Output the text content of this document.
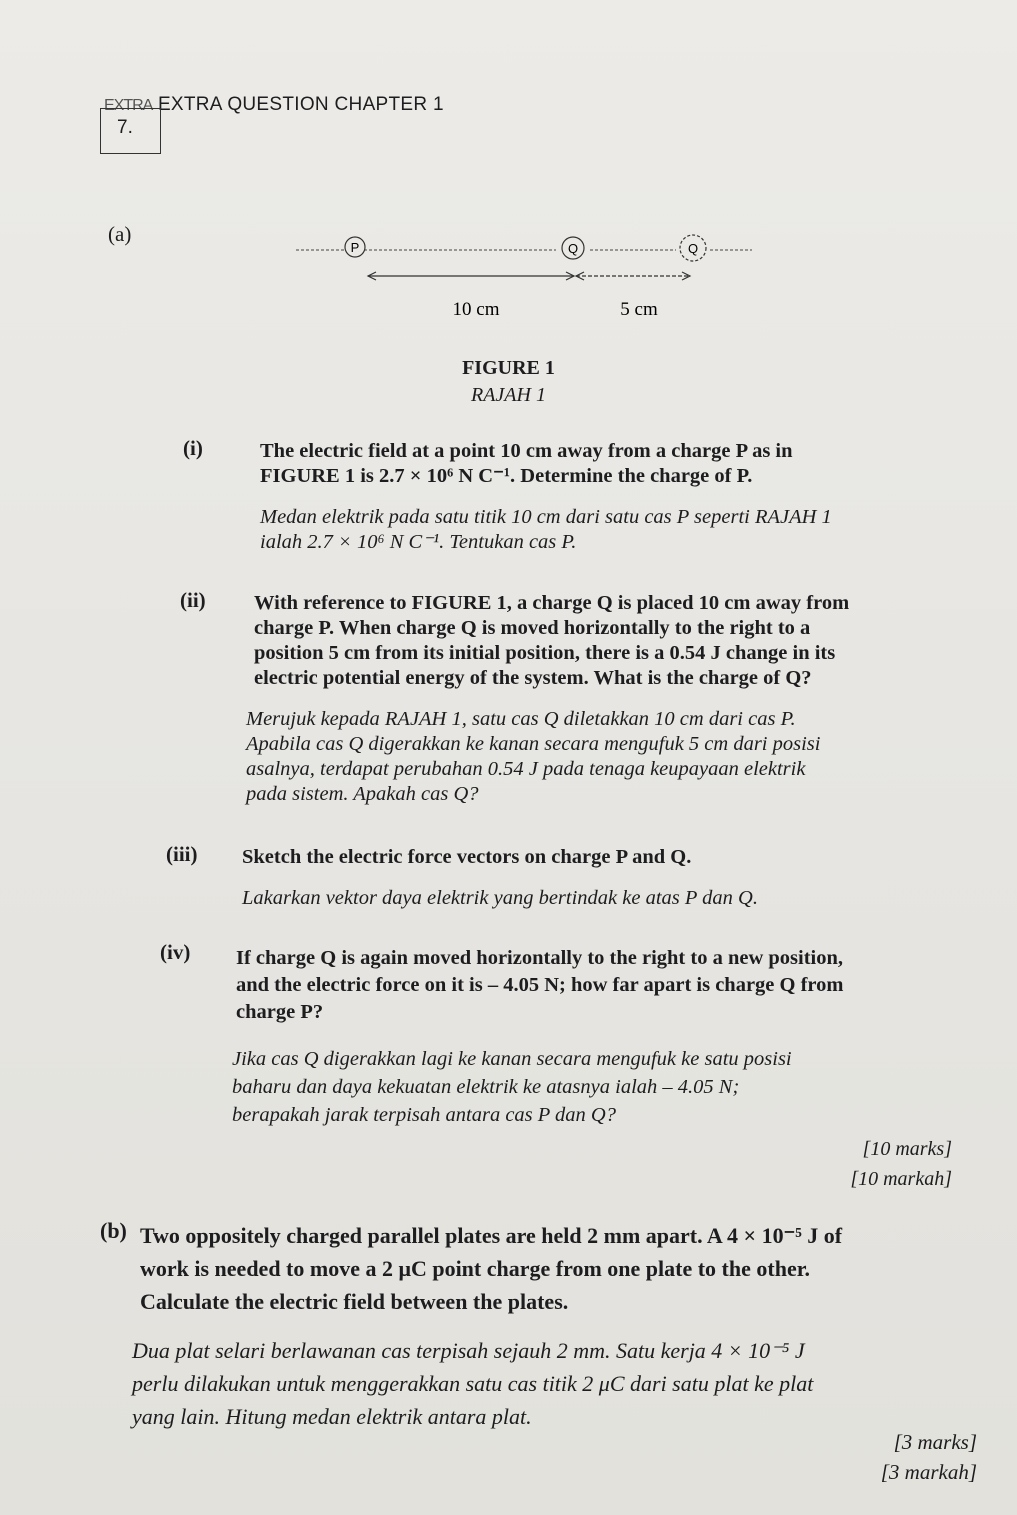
EXTRA EXTRA QUESTION CHAPTER 1
7.
(a)
P	Q	Q
10 cm	5 cm
FIGURE 1
RAJAH 1
(i)	The electric field at a point 10 cm away from a charge P as in
FIGURE 1 is 2.7 × 10⁶ N C⁻¹. Determine the charge of P.
Medan elektrik pada satu titik 10 cm dari satu cas P seperti RAJAH 1
ialah 2.7 × 10⁶ N C⁻¹. Tentukan cas P.
(ii) With reference to FIGURE 1, a charge Q is placed 10 cm away from
charge P. When charge Q is moved horizontally to the right to a
position 5 cm from its initial position, there is a 0.54 J change in its
electric potential energy of the system. What is the charge of Q?
Merujuk kepada RAJAH 1, satu cas Q diletakkan 10 cm dari cas P.
Apabila cas Q digerakkan ke kanan secara mengufuk 5 cm dari posisi
asalnya, terdapat perubahan 0.54 J pada tenaga keupayaan elektrik
pada sistem. Apakah cas Q?
(iii) Sketch the electric force vectors on charge P and Q.
Lakarkan vektor daya elektrik yang bertindak ke atas P dan Q.
(iv) If charge Q is again moved horizontally to the right to a new position,
and the electric force on it is – 4.05 N; how far apart is charge Q from
charge P?
Jika cas Q digerakkan lagi ke kanan secara mengufuk ke satu posisi
baharu dan daya kekuatan elektrik ke atasnya ialah – 4.05 N;
berapakah jarak terpisah antara cas P dan Q?
[10 marks]
[10 markah]
(b) Two oppositely charged parallel plates are held 2 mm apart. A 4 × 10⁻⁵ J of
work is needed to move a 2 μC point charge from one plate to the other.
Calculate the electric field between the plates.
Dua plat selari berlawanan cas terpisah sejauh 2 mm. Satu kerja 4 × 10⁻⁵ J
perlu dilakukan untuk menggerakkan satu cas titik 2 μC dari satu plat ke plat
yang lain. Hitung medan elektrik antara plat.
[3 marks]
[3 markah]
